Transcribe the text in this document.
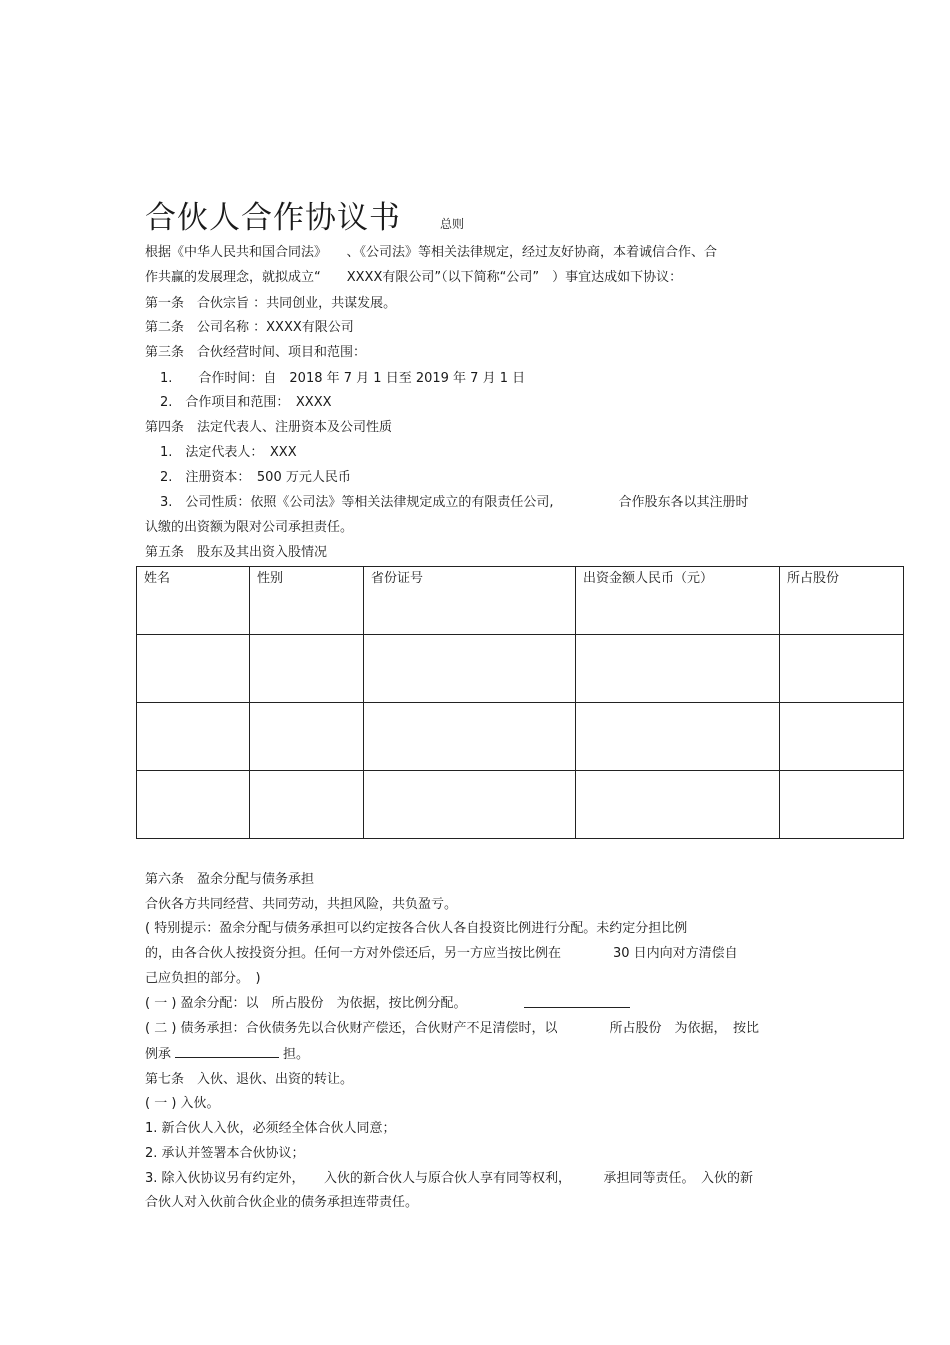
合伙人合作协议书	总则
根据《中华人民共和国合同法》　　、《公司法》等相关法律规定，经过友好协商，本着诚信合作、合
作共赢的发展理念，就拟成立“　　XXXX有限公司”（以下简称“公司”　）事宜达成如下协议：
第一条　合伙宗旨 ：共同创业，共谋发展。
第二条　公司名称 ：XXXX有限公司
第三条　合伙经营时间、项目和范围：
1.　　合作时间：自　2018 年 7 月 1 日至 2019 年 7 月 1 日
2.　合作项目和范围：　XXXX
第四条　法定代表人、注册资本及公司性质
1.　法定代表人：　XXX
2.　注册资本：　500 万元人民币
3.　公司性质：依照《公司法》等相关法律规定成立的有限责任公司,　　　　　合作股东各以其注册时
认缴的出资额为限对公司承担责任。
第五条　股东及其出资入股情况
姓名	性别	省份证号	出资金额人民币（元）	所占股份

第六条　盈余分配与债务承担
合伙各方共同经营、共同劳动，共担风险，共负盈亏。
( 特别提示：盈余分配与债务承担可以约定按各合伙人各自投资比例进行分配。未约定分担比例
的，由各合伙人按投资分担。任何一方对外偿还后，另一方应当按比例在　　　　30 日内向对方清偿自
己应负担的部分。　)
( 一 ) 盈余分配：以　所占股份　为依据，按比例分配。
( 二 ) 债务承担：合伙债务先以合伙财产偿还，合伙财产不足清偿时，以　　　　所占股份　为依据，　按比
例承	担。
第七条　入伙、退伙、出资的转让。
( 一 ) 入伙。
1. 新合伙人入伙，必须经全体合伙人同意；
2. 承认并签署本合伙协议；
3. 除入伙协议另有约定外，　　入伙的新合伙人与原合伙人享有同等权利，　　　承担同等责任。　入伙的新
合伙人对入伙前合伙企业的债务承担连带责任。
